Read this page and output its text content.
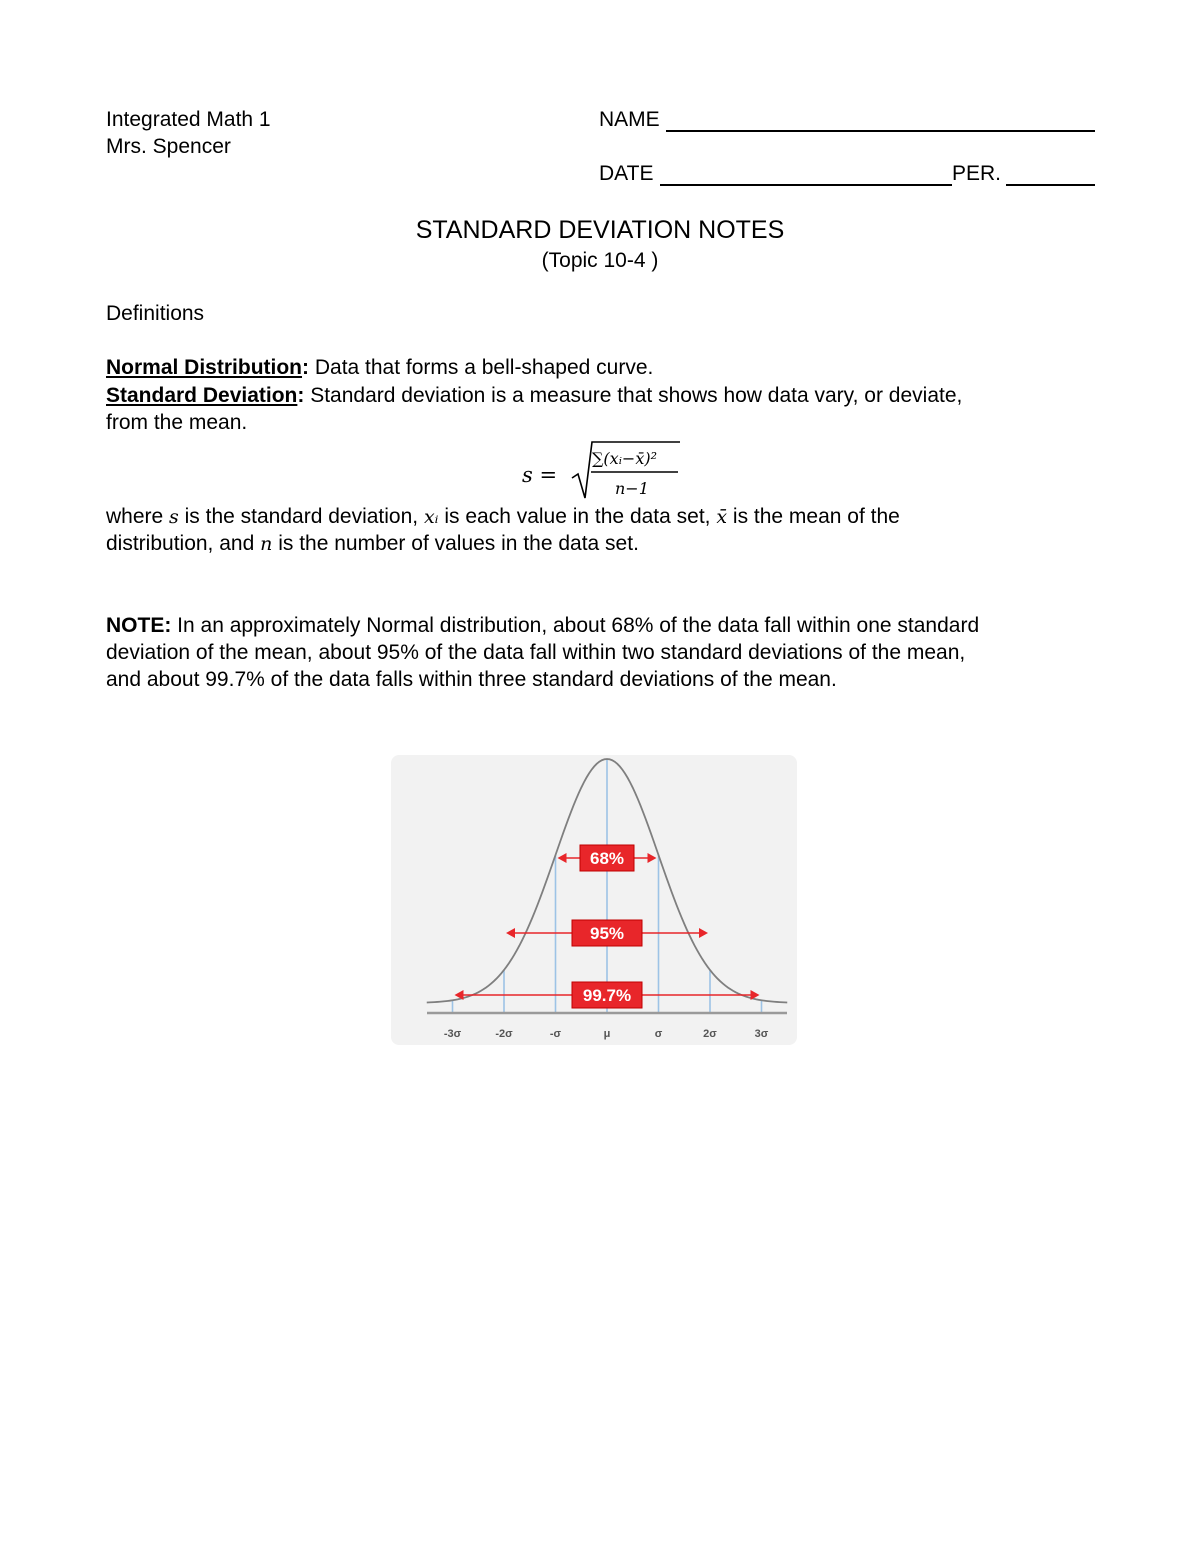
Integrated Math 1
Mrs. Spencer
NAME
DATE	PER.
STANDARD DEVIATION NOTES
(Topic 10-4 )
Definitions
Normal Distribution: Data that forms a bell-shaped curve.
Standard Deviation: Standard deviation is a measure that shows how data vary, or deviate,
from the mean.
s =
∑(xᵢ−x̄)²
n−1
where s is the standard deviation, xᵢ is each value in the data set, x̄ is the mean of the
distribution, and n is the number of values in the data set.
NOTE: In an approximately Normal distribution, about 68% of the data fall within one standard
deviation of the mean, about 95% of the data fall within two standard deviations of the mean,
and about 99.7% of the data falls within three standard deviations of the mean.
68%
95%
99.7%
-3σ	-2σ	-σ	μ	σ	2σ	3σ
